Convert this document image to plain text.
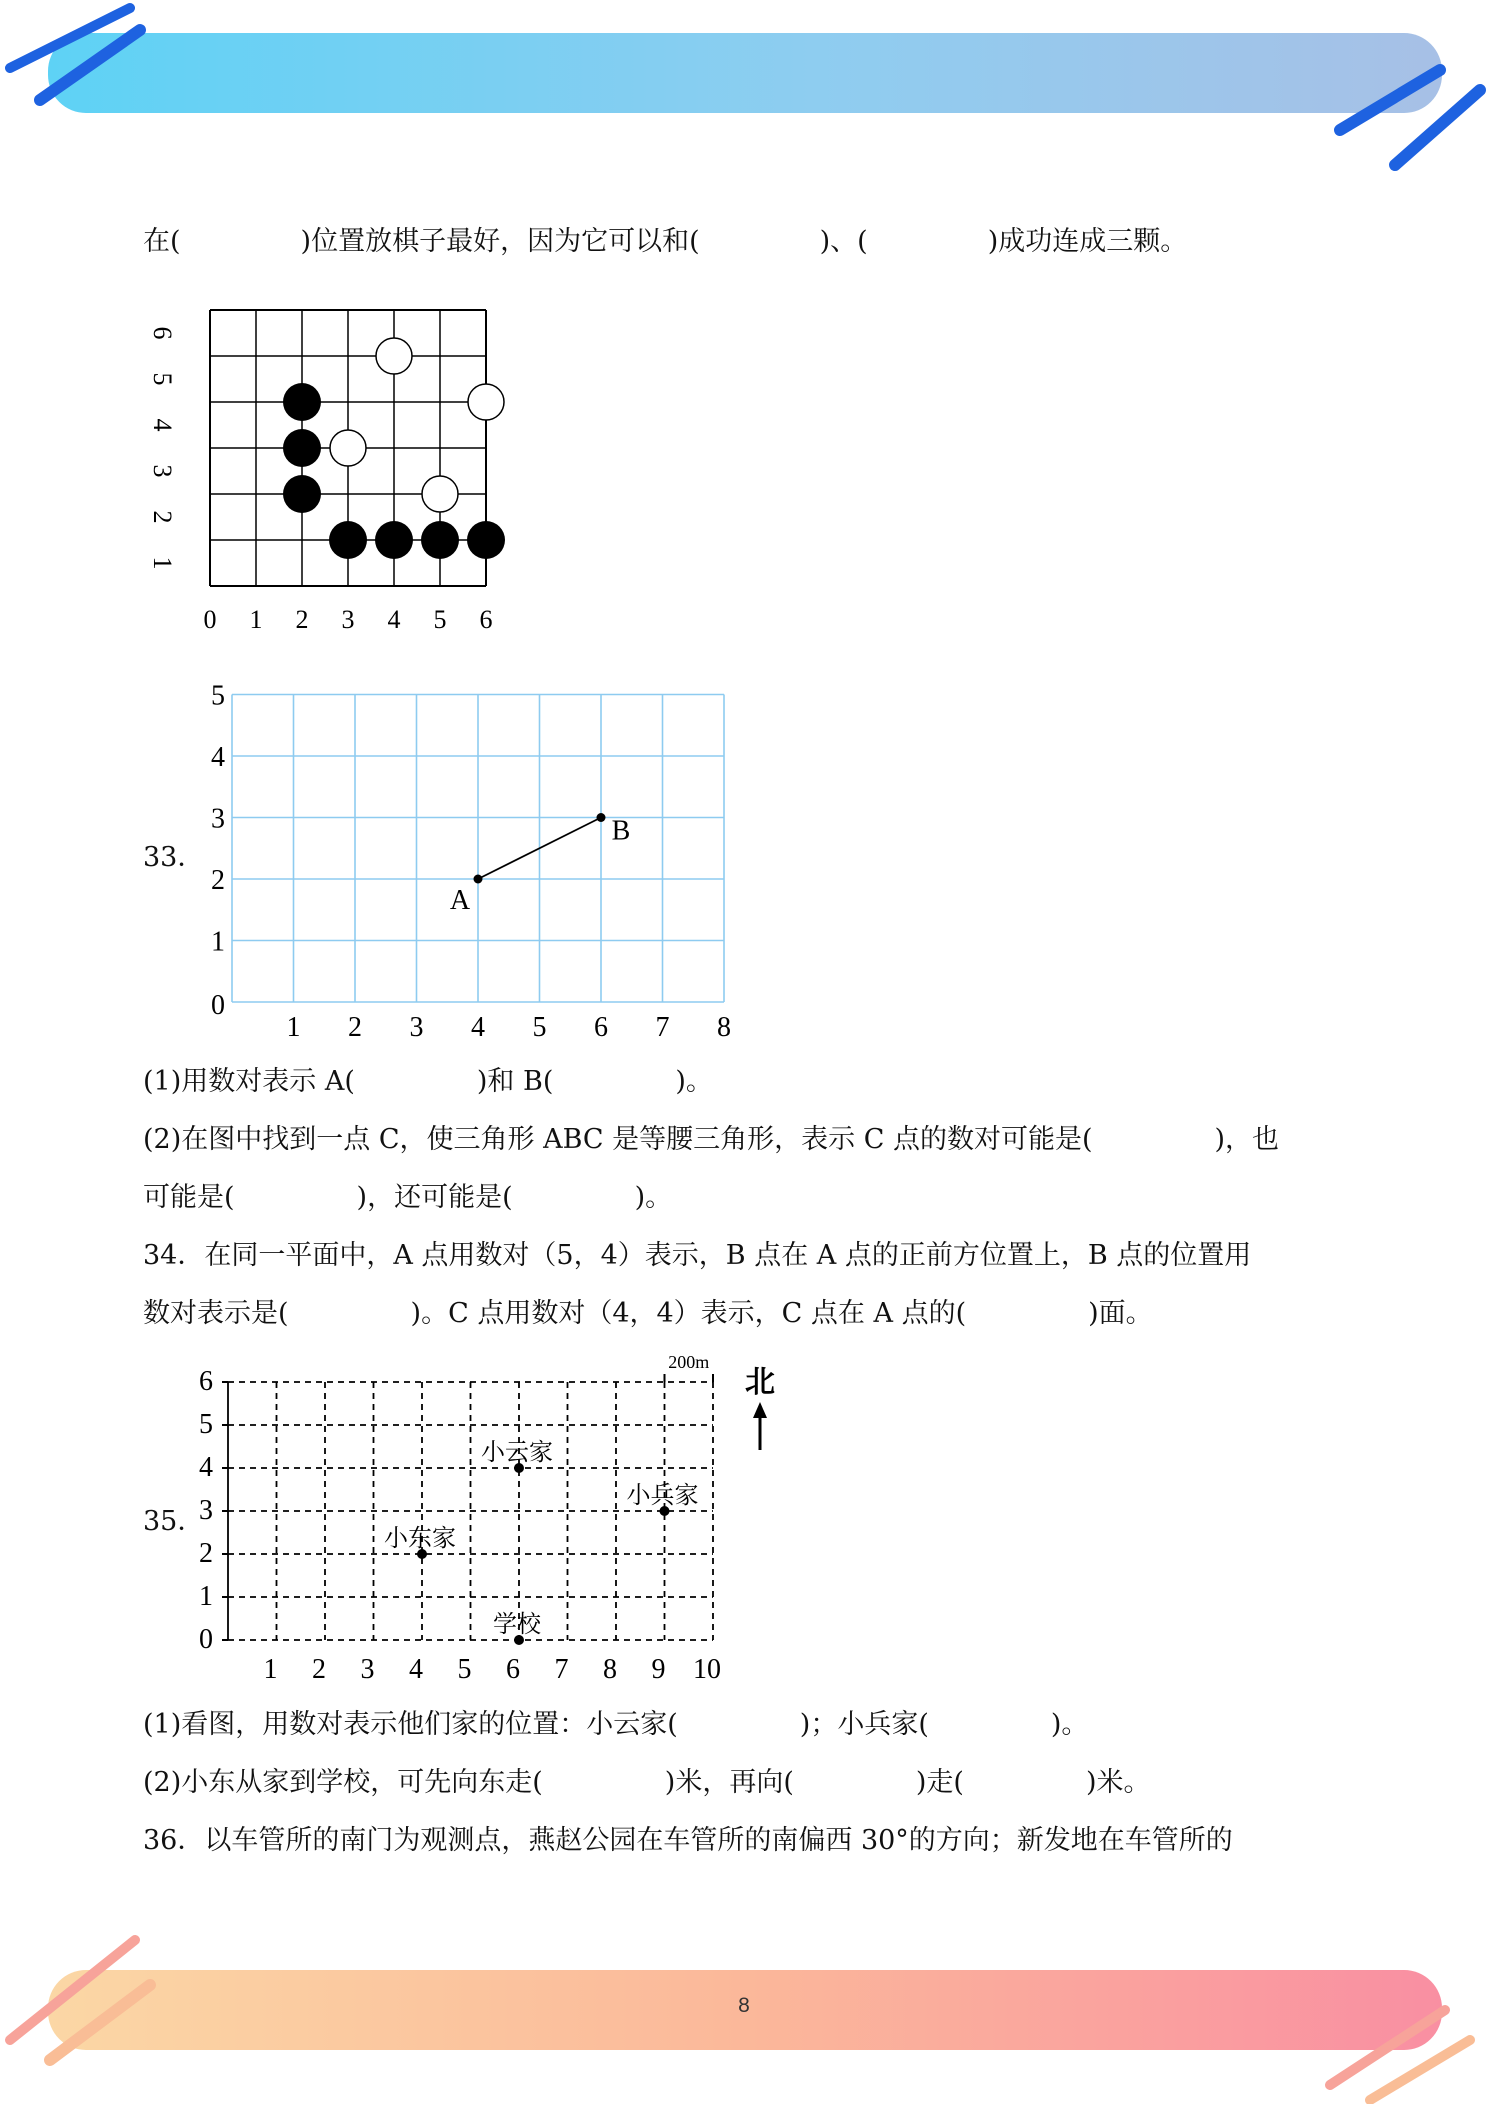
在(	)位置放棋子最好，因为它可以和(	)、(	)成功连成三颗。
0 1 2 3 4 5 6
1
2
3
4
5
6
33．
0
1 2 3 4 5 6 7 8
1
2
3
4
5
A
B
(1)用数对表示 A(	)和 B(	)。
(2)在图中找到一点 C，使三角形 ABC 是等腰三角形，表示 C 点的数对可能是(	)，也
可能是(	)，还可能是(	)。
34．在同一平面中，A 点用数对（5，4）表示，B 点在 A 点的正前方位置上，B 点的位置用
数对表示是(	)。C 点用数对（4，4）表示，C 点在 A 点的(	)面。
35．
1 2 3 4 5 6 7 8 9 10
0
1
2
3
4
5
6
200m
北
小云家
小东家
小兵家
学校
(1)看图，用数对表示他们家的位置：小云家(	)；小兵家(	)。
(2)小东从家到学校，可先向东走(	)米，再向(	)走(	)米。
36．以车管所的南门为观测点，燕赵公园在车管所的南偏西 30°的方向；新发地在车管所的
8
